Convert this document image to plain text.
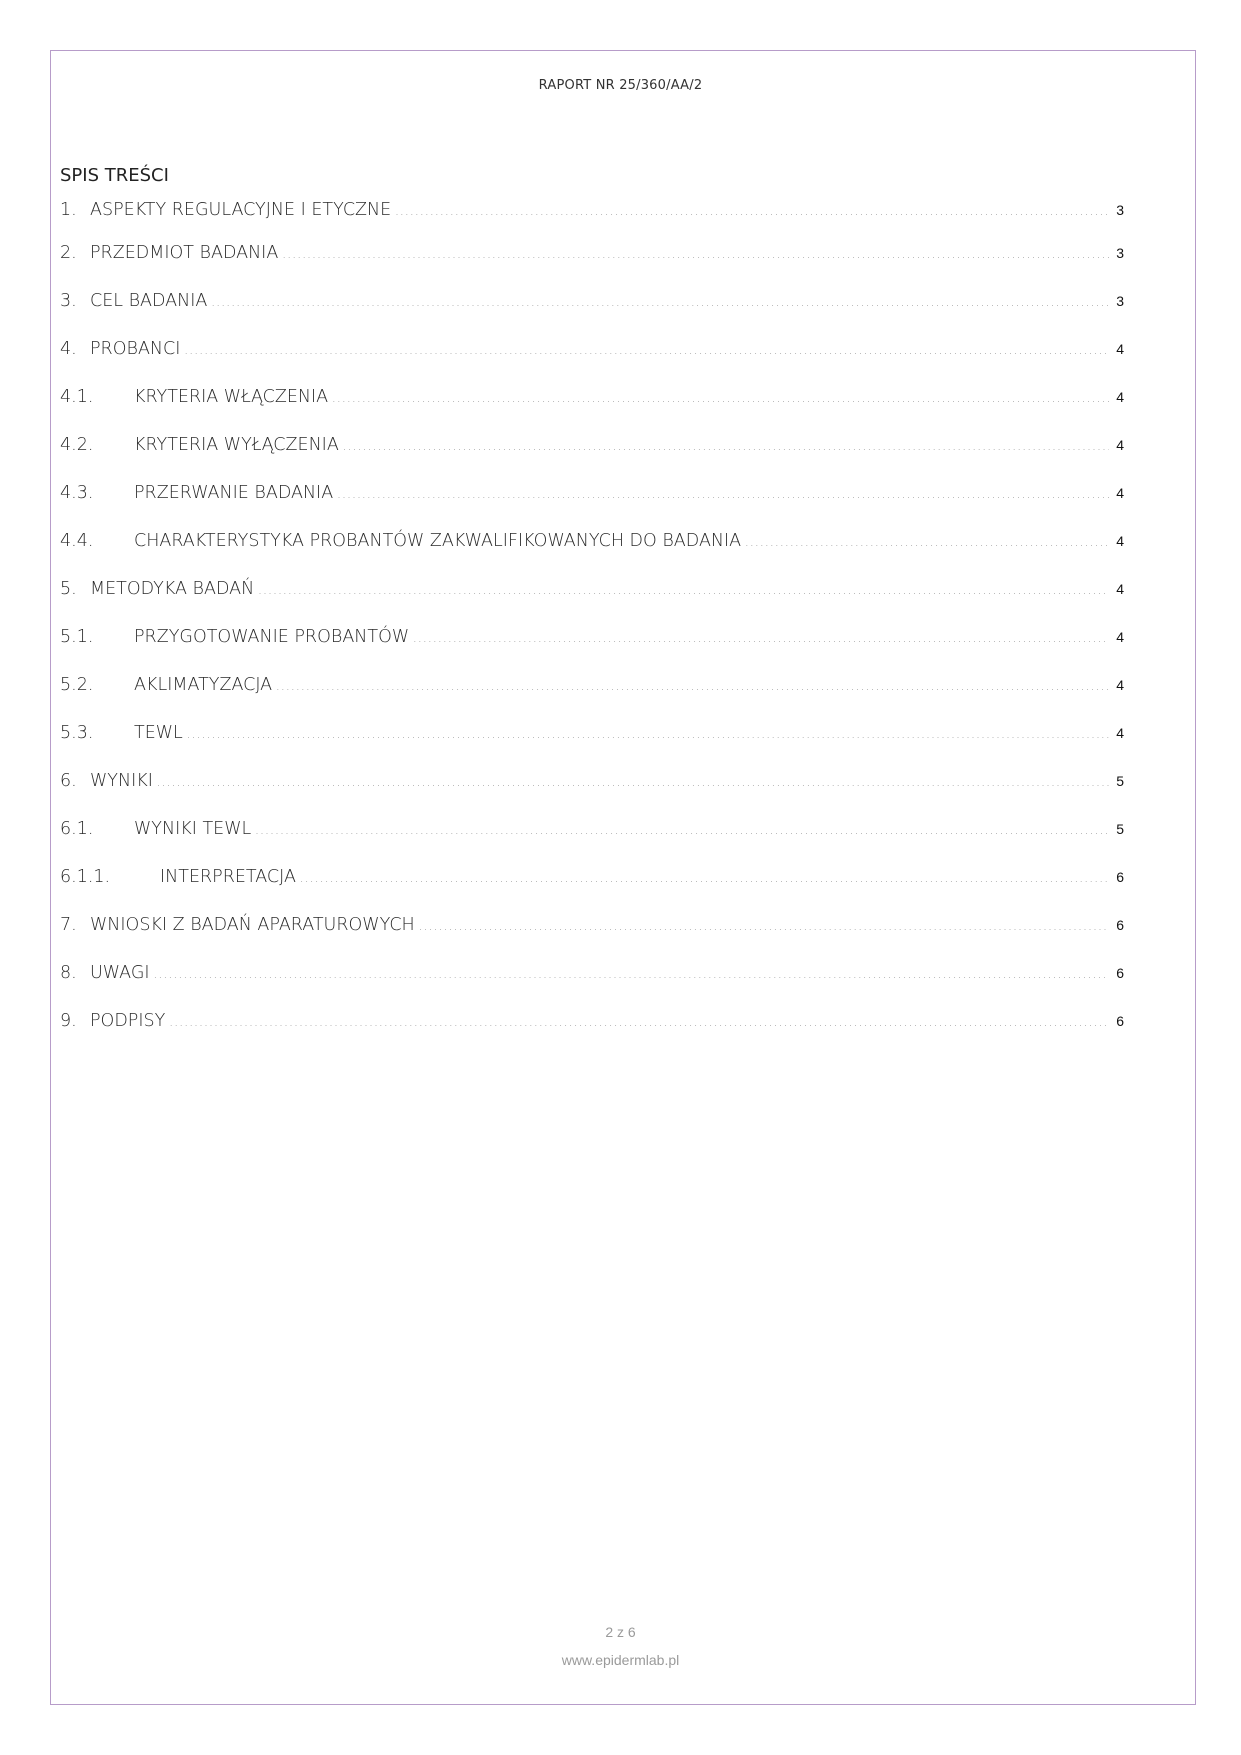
RAPORT NR 25/360/AA/2
SPIS TREŚCI
1. ASPEKTY REGULACYJNE I ETYCZNE .....	3
2. PRZEDMIOT BADANIA .....	3
3. CEL BADANIA .....	3
4. PROBANCI .....	4
4.1.	KRYTERIA WŁĄCZENIA .....	4
4.2.	KRYTERIA WYŁĄCZENIA .....	4
4.3.	PRZERWANIE BADANIA .....	4
4.4.	CHARAKTERYSTYKA PROBANTÓW ZAKWALIFIKOWANYCH DO BADANIA .....	4
5. METODYKA BADAŃ .....	4
5.1.	PRZYGOTOWANIE PROBANTÓW .....	4
5.2.	AKLIMATYZACJA .....	4
5.3.	TEWL .....	4
6. WYNIKI .....	5
6.1.	WYNIKI TEWL .....	5
6.1.1.	INTERPRETACJA .....	6
7. WNIOSKI Z BADAŃ APARATUROWYCH .....	6
8. UWAGI .....	6
9. PODPISY .....	6
2 z 6
www.epidermlab.pl
